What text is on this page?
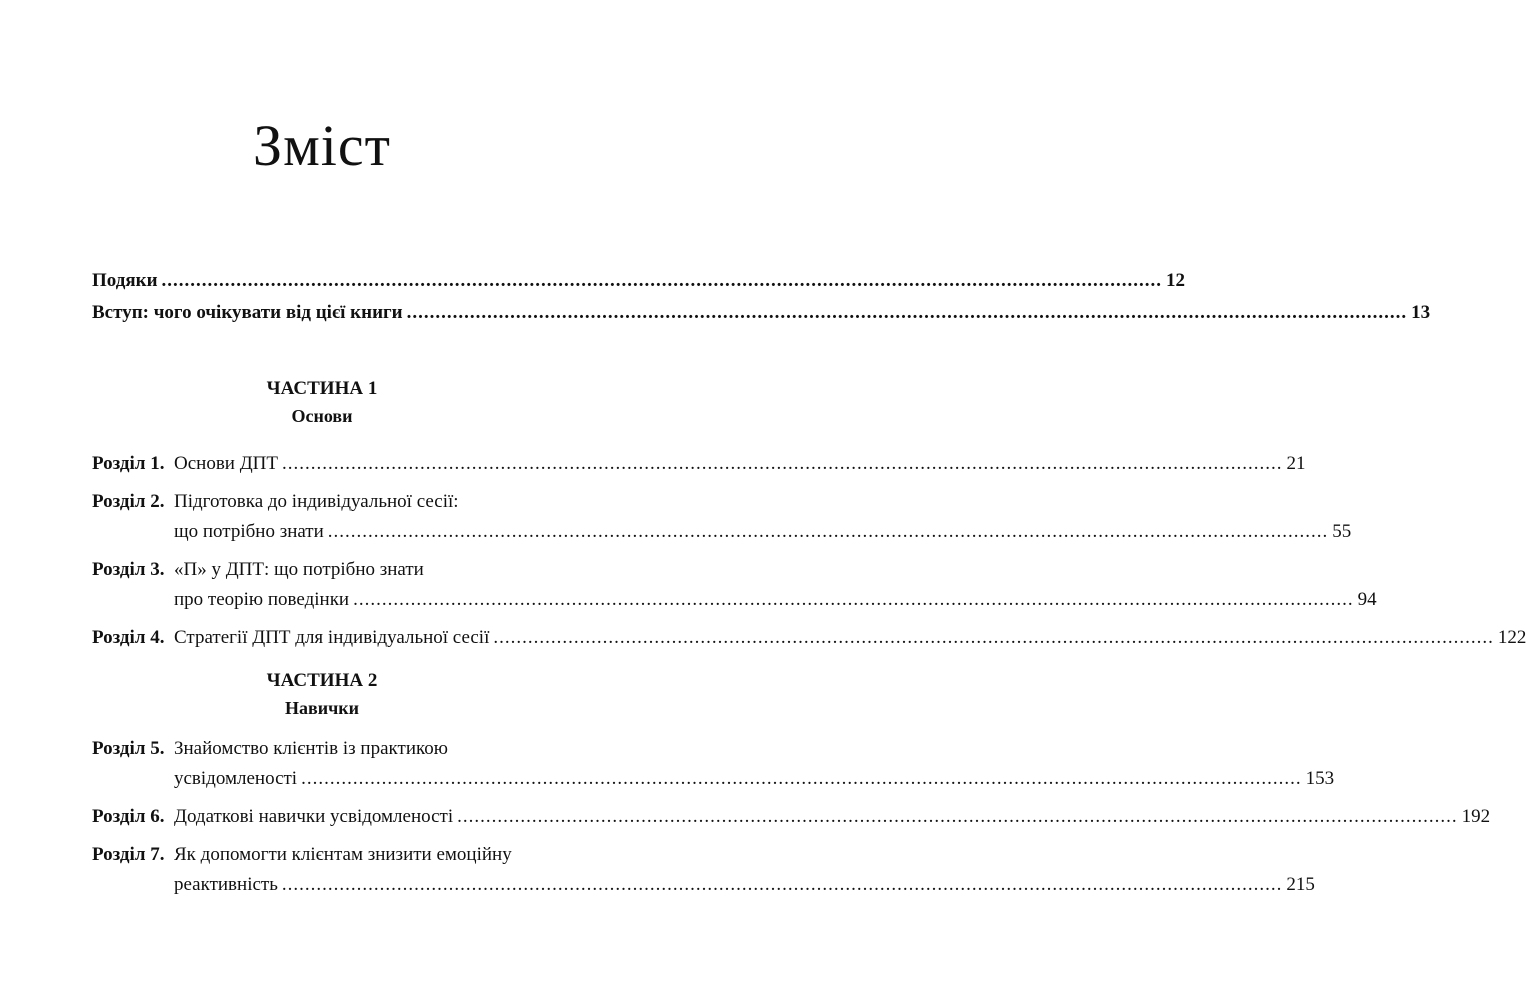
Зміст
Подяки .....	12
Вступ: чого очікувати від цієї книги .....	13
ЧАСТИНА 1
Основи
Розділ 1. Основи ДПТ .....	21
Розділ 2. Підготовка до індивідуальної сесії:
що потрібно знати .....	55
Розділ 3. «П» у ДПТ: що потрібно знати
про теорію поведінки .....	94
Розділ 4. Стратегії ДПТ для індивідуальної сесії .....	122
ЧАСТИНА 2
Навички
Розділ 5. Знайомство клієнтів із практикою
усвідомленості .....	153
Розділ 6. Додаткові навички усвідомленості .....	192
Розділ 7. Як допомогти клієнтам знизити емоційну
реактивність .....	215
